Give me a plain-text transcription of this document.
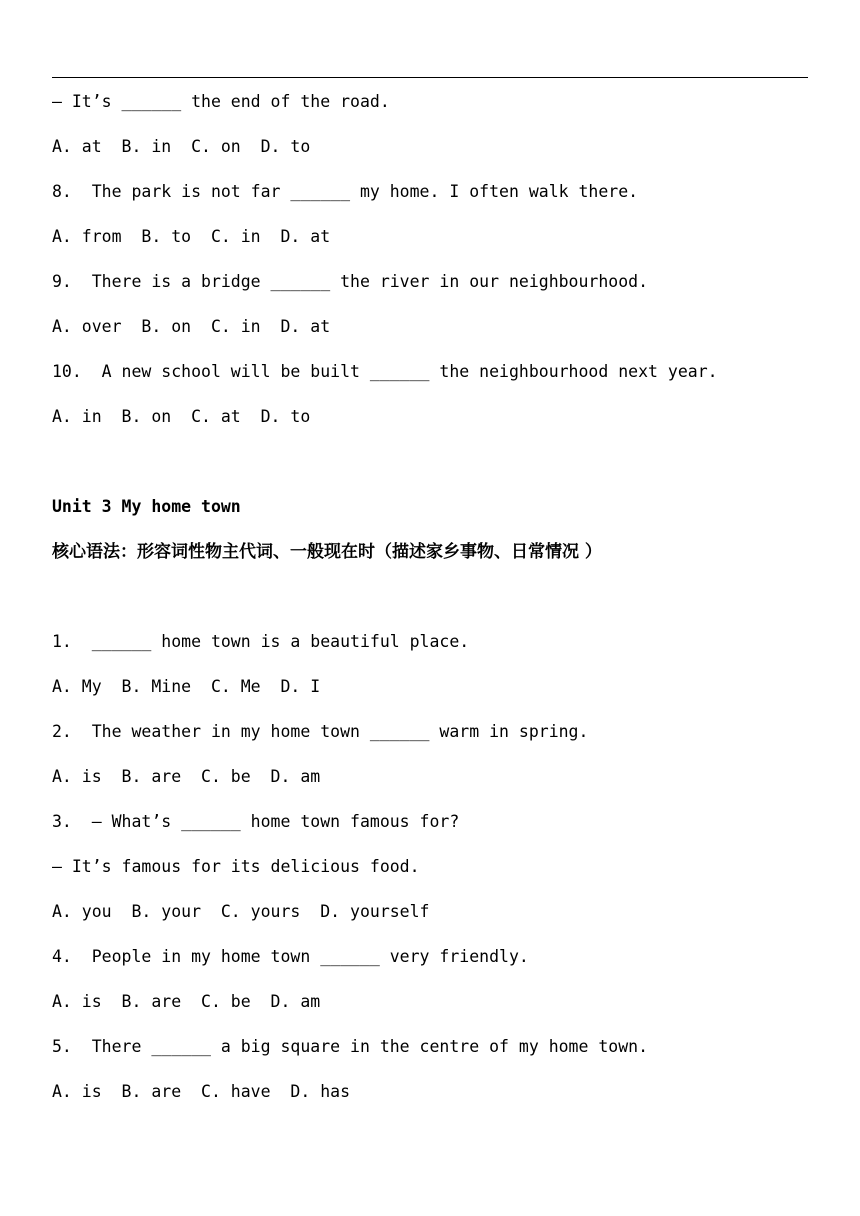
— It’s ______ the end of the road.
A. at  B. in  C. on  D. to
8.  The park is not far ______ my home. I often walk there.
A. from  B. to  C. in  D. at
9.  There is a bridge ______ the river in our neighbourhood.
A. over  B. on  C. in  D. at
10.  A new school will be built ______ the neighbourhood next year.
A. in  B. on  C. at  D. to
Unit 3 My home town
核心语法：形容词性物主代词、一般现在时（描述家乡事物、日常情况 ）
1.  ______ home town is a beautiful place.
A. My  B. Mine  C. Me  D. I
2.  The weather in my home town ______ warm in spring.
A. is  B. are  C. be  D. am
3.  — What’s ______ home town famous for?
— It’s famous for its delicious food.
A. you  B. your  C. yours  D. yourself
4.  People in my home town ______ very friendly.
A. is  B. are  C. be  D. am
5.  There ______ a big square in the centre of my home town.
A. is  B. are  C. have  D. has
